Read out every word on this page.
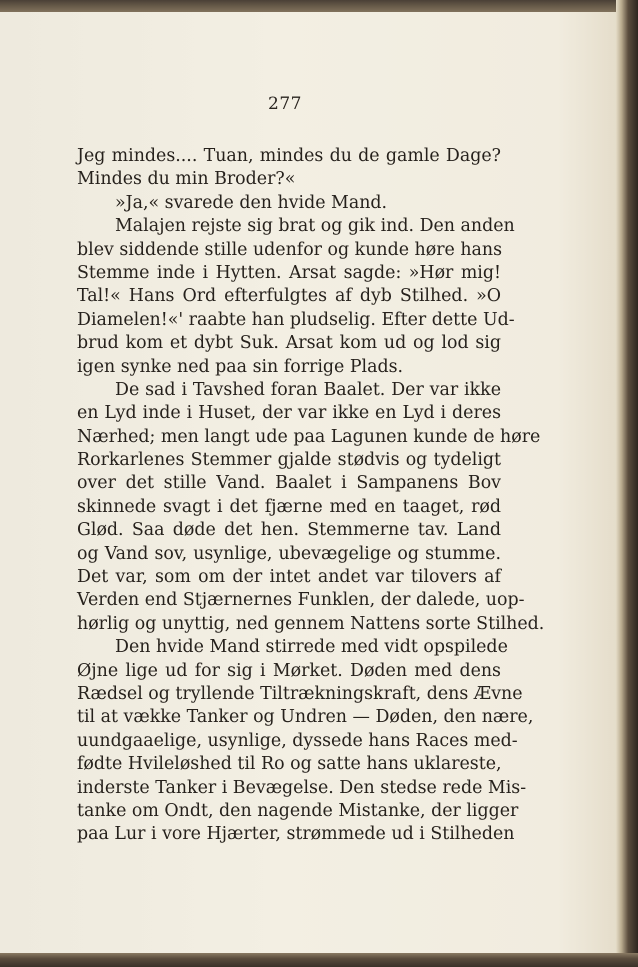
277
Jeg mindes.... Tuan, mindes du de gamle Dage?
Mindes du min Broder?«
»Ja,« svarede den hvide Mand.
Malajen rejste sig brat og gik ind. Den anden
blev siddende stille udenfor og kunde høre hans
Stemme inde i Hytten. Arsat sagde: »Hør mig!
Tal!« Hans Ord efterfulgtes af dyb Stilhed. »O
Diamelen!«' raabte han pludselig. Efter dette Ud-
brud kom et dybt Suk. Arsat kom ud og lod sig
igen synke ned paa sin forrige Plads.
De sad i Tavshed foran Baalet. Der var ikke
en Lyd inde i Huset, der var ikke en Lyd i deres
Nærhed; men langt ude paa Lagunen kunde de høre
Rorkarlenes Stemmer gjalde stødvis og tydeligt
over det stille Vand. Baalet i Sampanens Bov
skinnede svagt i det fjærne med en taaget, rød
Glød. Saa døde det hen. Stemmerne tav. Land
og Vand sov, usynlige, ubevægelige og stumme.
Det var, som om der intet andet var tilovers af
Verden end Stjærnernes Funklen, der dalede, uop-
hørlig og unyttig, ned gennem Nattens sorte Stilhed.
Den hvide Mand stirrede med vidt opspilede
Øjne lige ud for sig i Mørket. Døden med dens
Rædsel og tryllende Tiltrækningskraft, dens Ævne
til at vække Tanker og Undren — Døden, den nære,
uundgaaelige, usynlige, dyssede hans Races med-
fødte Hvileløshed til Ro og satte hans uklareste,
inderste Tanker i Bevægelse. Den stedse rede Mis-
tanke om Ondt, den nagende Mistanke, der ligger
paa Lur i vore Hjærter, strømmede ud i Stilheden
